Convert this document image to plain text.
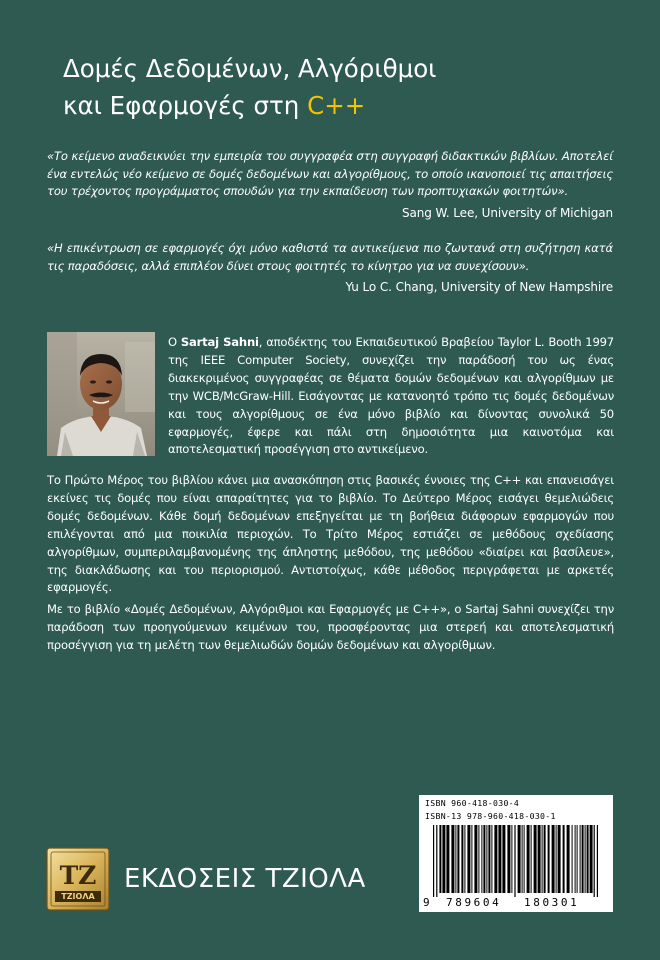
Δομές Δεδομένων, Αλγόριθμοι
και Εφαρμογές στη C++
«Το κείμενο αναδεικνύει την εμπειρία του συγγραφέα στη συγγραφή διδακτικών βιβλίων. Αποτελεί ένα εντελώς νέο κείμενο σε δομές δεδομένων και αλγορίθμους, το οποίο ικανοποιεί τις απαιτήσεις του τρέχοντος προγράμματος σπουδών για την εκπαίδευση των προπτυχιακών φοιτητών».
Sang W. Lee, University of Michigan
«Η επικέντρωση σε εφαρμογές όχι μόνο καθιστά τα αντικείμενα πιο ζωντανά στη συζήτηση κατά τις παραδόσεις, αλλά επιπλέον δίνει στους φοιτητές το κίνητρο για να συνεχίσουν».
Yu Lo C. Chang, University of New Hampshire
Ο Sartaj Sahni, αποδέκτης του Εκπαιδευτικού Βραβείου Taylor L. Booth 1997 της IEEE Computer Society, συνεχίζει την παράδοσή του ως ένας διακεκριμένος συγγραφέας σε θέματα δομών δεδομένων και αλγορίθμων με την WCB/McGraw-Hill. Εισάγοντας με κατανοητό τρόπο τις δομές δεδομένων και τους αλγορίθμους σε ένα μόνο βιβλίο και δίνοντας συνολικά 50 εφαρμογές, έφερε και πάλι στη δημοσιότητα μια καινοτόμα και αποτελεσματική προσέγγιση στο αντικείμενο.
Το Πρώτο Μέρος του βιβλίου κάνει μια ανασκόπηση στις βασικές έννοιες της C++ και επανεισάγει εκείνες τις δομές που είναι απαραίτητες για το βιβλίο. Το Δεύτερο Μέρος εισάγει θεμελιώδεις δομές δεδομένων. Κάθε δομή δεδομένων επεξηγείται με τη βοήθεια διάφορων εφαρμογών που επιλέγονται από μια ποικιλία περιοχών. Το Τρίτο Μέρος εστιάζει σε μεθόδους σχεδίασης αλγορίθμων, συμπεριλαμβανομένης της άπληστης μεθόδου, της μεθόδου «διαίρει και βασίλευε», της διακλάδωσης και του περιορισμού. Αντιστοίχως, κάθε μέθοδος περιγράφεται με αρκετές εφαρμογές.
Με το βιβλίο «Δομές Δεδομένων, Αλγόριθμοι και Εφαρμογές με C++», ο Sartaj Sahni συνεχίζει την παράδοση των προηγούμενων κειμένων του, προσφέροντας μια στερεή και αποτελεσματική προσέγγιση για τη μελέτη των θεμελιωδών δομών δεδομένων και αλγορίθμων.
ISBN 960-418-030-4
ISBN-13 978-960-418-030-1
9 789604 180301
ΤΖ
ΤΖΙΟΛΑ
ΕΚΔΟΣΕΙΣ ΤΖΙΟΛΑ
